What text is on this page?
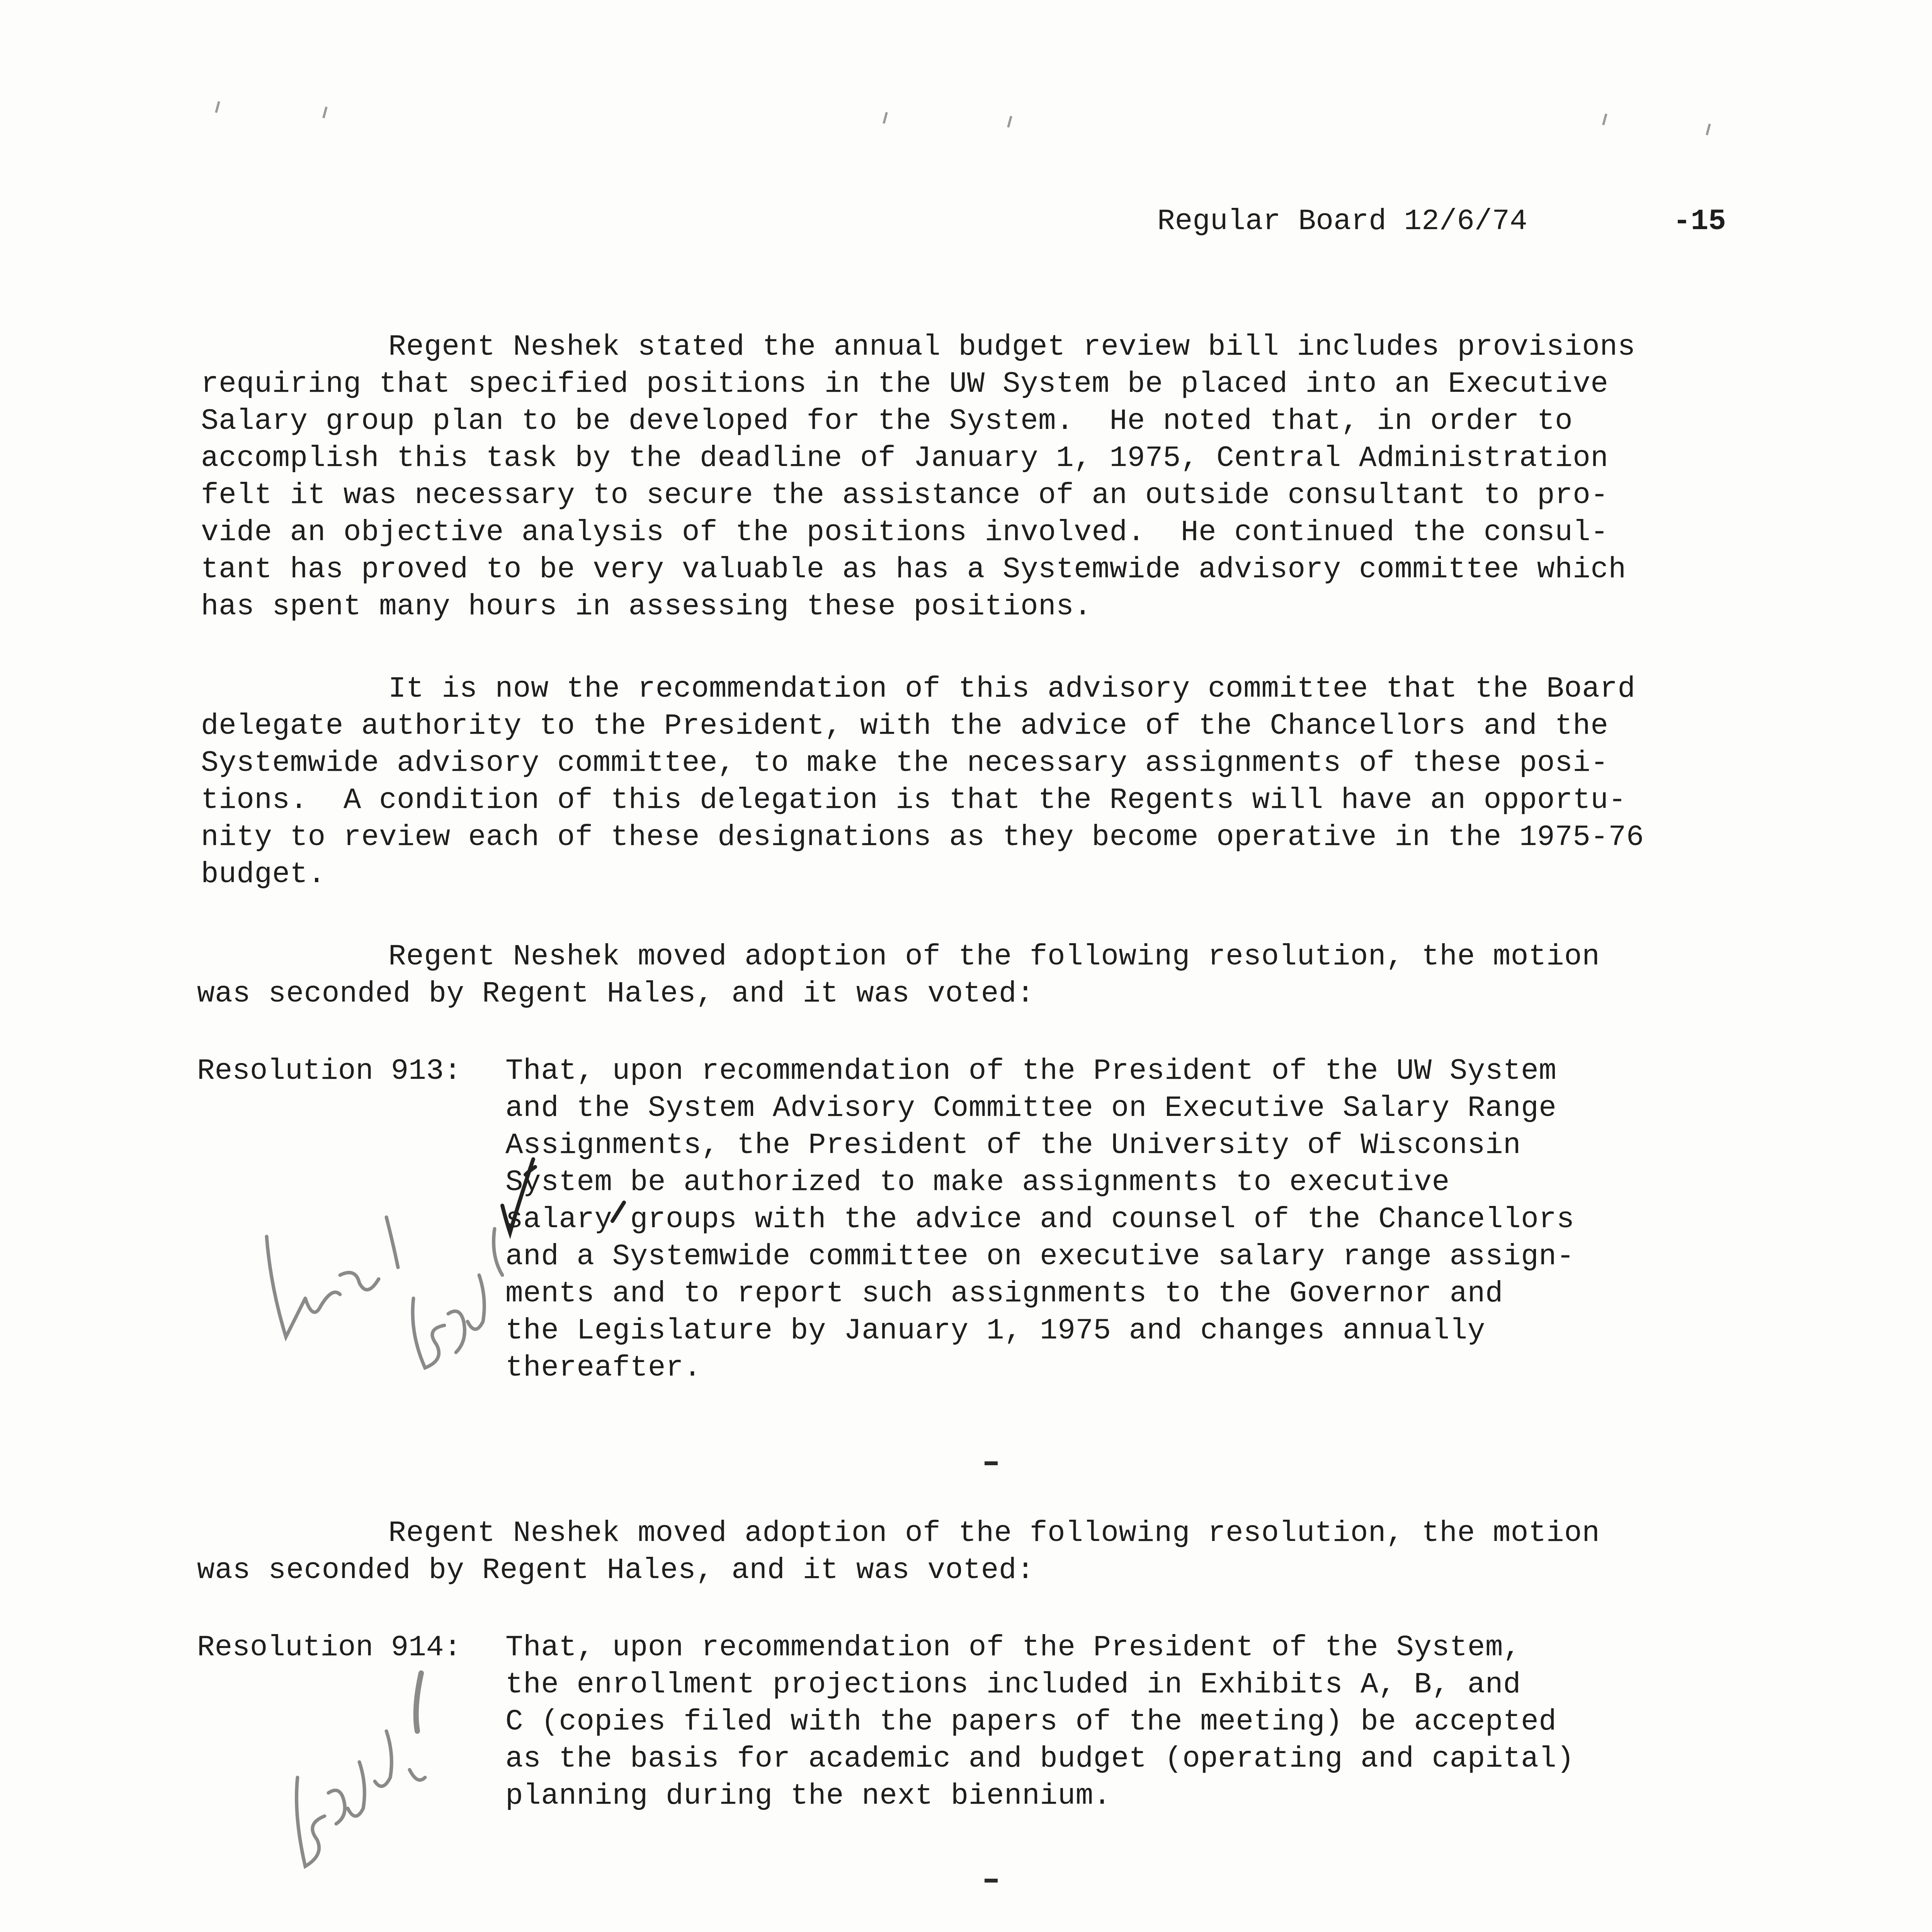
Regular Board 12/6/74	-15
Regent Neshek stated the annual budget review bill includes provisions
requiring that specified positions in the UW System be placed into an Executive
Salary group plan to be developed for the System.  He noted that, in order to
accomplish this task by the deadline of January 1, 1975, Central Administration
felt it was necessary to secure the assistance of an outside consultant to pro-
vide an objective analysis of the positions involved.  He continued the consul-
tant has proved to be very valuable as has a Systemwide advisory committee which
has spent many hours in assessing these positions.
It is now the recommendation of this advisory committee that the Board
delegate authority to the President, with the advice of the Chancellors and the
Systemwide advisory committee, to make the necessary assignments of these posi-
tions.  A condition of this delegation is that the Regents will have an opportu-
nity to review each of these designations as they become operative in the 1975-76
budget.
Regent Neshek moved adoption of the following resolution, the motion
was seconded by Regent Hales, and it was voted:
Resolution 913: That, upon recommendation of the President of the UW System
and the System Advisory Committee on Executive Salary Range
Assignments, the President of the University of Wisconsin
System be authorized to make assignments to executive
salary groups with the advice and counsel of the Chancellors
and a Systemwide committee on executive salary range assign-
ments and to report such assignments to the Governor and
the Legislature by January 1, 1975 and changes annually
thereafter.
Regent Neshek moved adoption of the following resolution, the motion
was seconded by Regent Hales, and it was voted:
Resolution 914: That, upon recommendation of the President of the System,
the enrollment projections included in Exhibits A, B, and
C (copies filed with the papers of the meeting) be accepted
as the basis for academic and budget (operating and capital)
planning during the next biennium.
